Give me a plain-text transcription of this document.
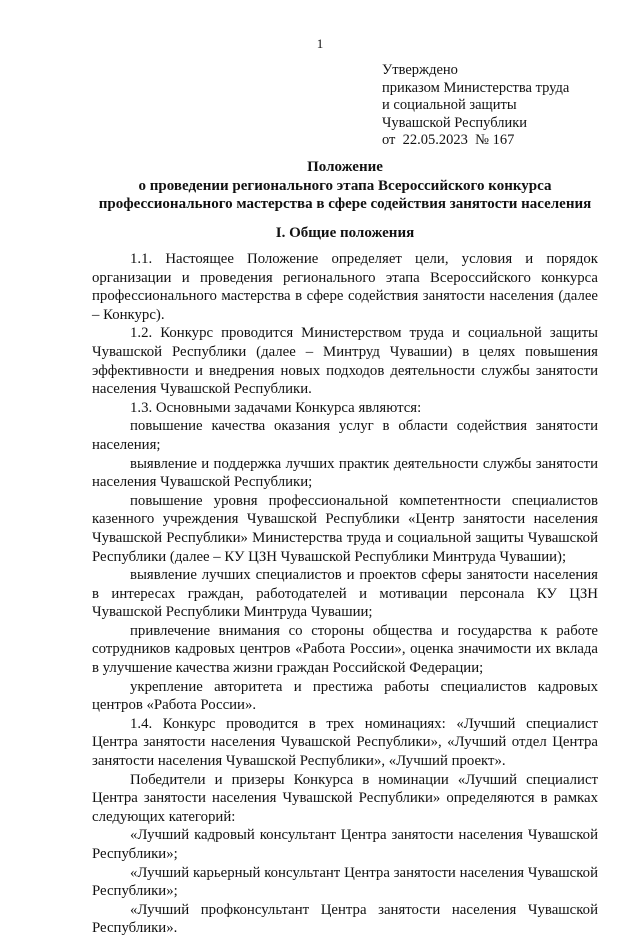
1
Утверждено
приказом Министерства труда
и социальной защиты
Чувашской Республики
от  22.05.2023  № 167
Положение
о проведении регионального этапа Всероссийского конкурса
профессионального мастерства в сфере содействия занятости населения
I. Общие положения

1.1. Настоящее Положение определяет цели, условия и порядок организации и проведения регионального этапа Всероссийского конкурса профессионального мастерства в сфере содействия занятости населения (далее – Конкурс).

1.2. Конкурс проводится Министерством труда и социальной защиты Чувашской Республики (далее – Минтруд Чувашии) в целях повышения эффективности и внедрения новых подходов деятельности службы занятости населения Чувашской Республики.

1.3. Основными задачами Конкурса являются:

повышение качества оказания услуг в области содействия занятости населения;

выявление и поддержка лучших практик деятельности службы занятости населения Чувашской Республики;

повышение уровня профессиональной компетентности специалистов казенного учреждения Чувашской Республики «Центр занятости населения Чувашской Республики» Министерства труда и социальной защиты Чувашской Республики (далее – КУ ЦЗН Чувашской Республики Минтруда Чувашии);

выявление лучших специалистов и проектов сферы занятости населения в интересах граждан, работодателей и мотивации персонала КУ ЦЗН Чувашской Республики Минтруда Чувашии;

привлечение внимания со стороны общества и государства к работе сотрудников кадровых центров «Работа России», оценка значимости их вклада в улучшение качества жизни граждан Российской Федерации;

укрепление авторитета и престижа работы специалистов кадровых центров «Работа России».

1.4. Конкурс проводится в трех номинациях: «Лучший специалист Центра занятости населения Чувашской Республики», «Лучший отдел Центра занятости населения Чувашской Республики», «Лучший проект».

Победители и призеры Конкурса в номинации «Лучший специалист Центра занятости населения Чувашской Республики» определяются в рамках следующих категорий:

«Лучший кадровый консультант Центра занятости населения Чувашской Республики»;

«Лучший карьерный консультант Центра занятости населения Чувашской Республики»;

«Лучший профконсультант Центра занятости населения Чувашской Республики».
